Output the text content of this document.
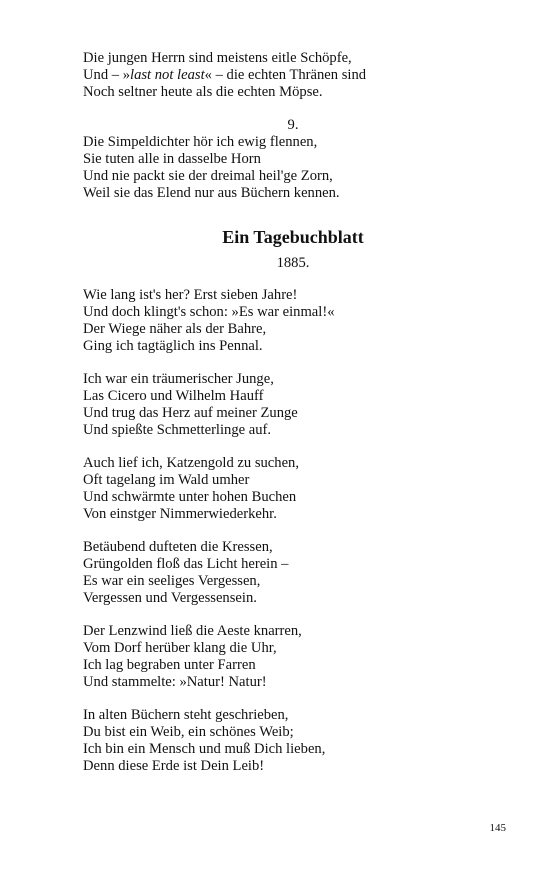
Die jungen Herrn sind meistens eitle Schöpfe,

Und – »last not least« – die echten Thränen sind

Noch seltner heute als die echten Möpse.

9.

Die Simpeldichter hör ich ewig flennen,

Sie tuten alle in dasselbe Horn

Und nie packt sie der dreimal heil'ge Zorn,

Weil sie das Elend nur aus Büchern kennen.

Ein Tagebuchblatt

1885.

Wie lang ist's her? Erst sieben Jahre!

Und doch klingt's schon: »Es war einmal!«

Der Wiege näher als der Bahre,

Ging ich tagtäglich ins Pennal.

Ich war ein träumerischer Junge,

Las Cicero und Wilhelm Hauff

Und trug das Herz auf meiner Zunge

Und spießte Schmetterlinge auf.

Auch lief ich, Katzengold zu suchen,

Oft tagelang im Wald umher

Und schwärmte unter hohen Buchen

Von einstger Nimmerwiederkehr.

Betäubend dufteten die Kressen,

Grüngolden floß das Licht herein –

Es war ein seeliges Vergessen,

Vergessen und Vergessensein.

Der Lenzwind ließ die Aeste knarren,

Vom Dorf herüber klang die Uhr,

Ich lag begraben unter Farren

Und stammelte: »Natur! Natur!

In alten Büchern steht geschrieben,

Du bist ein Weib, ein schönes Weib;

Ich bin ein Mensch und muß Dich lieben,

Denn diese Erde ist Dein Leib!

145
